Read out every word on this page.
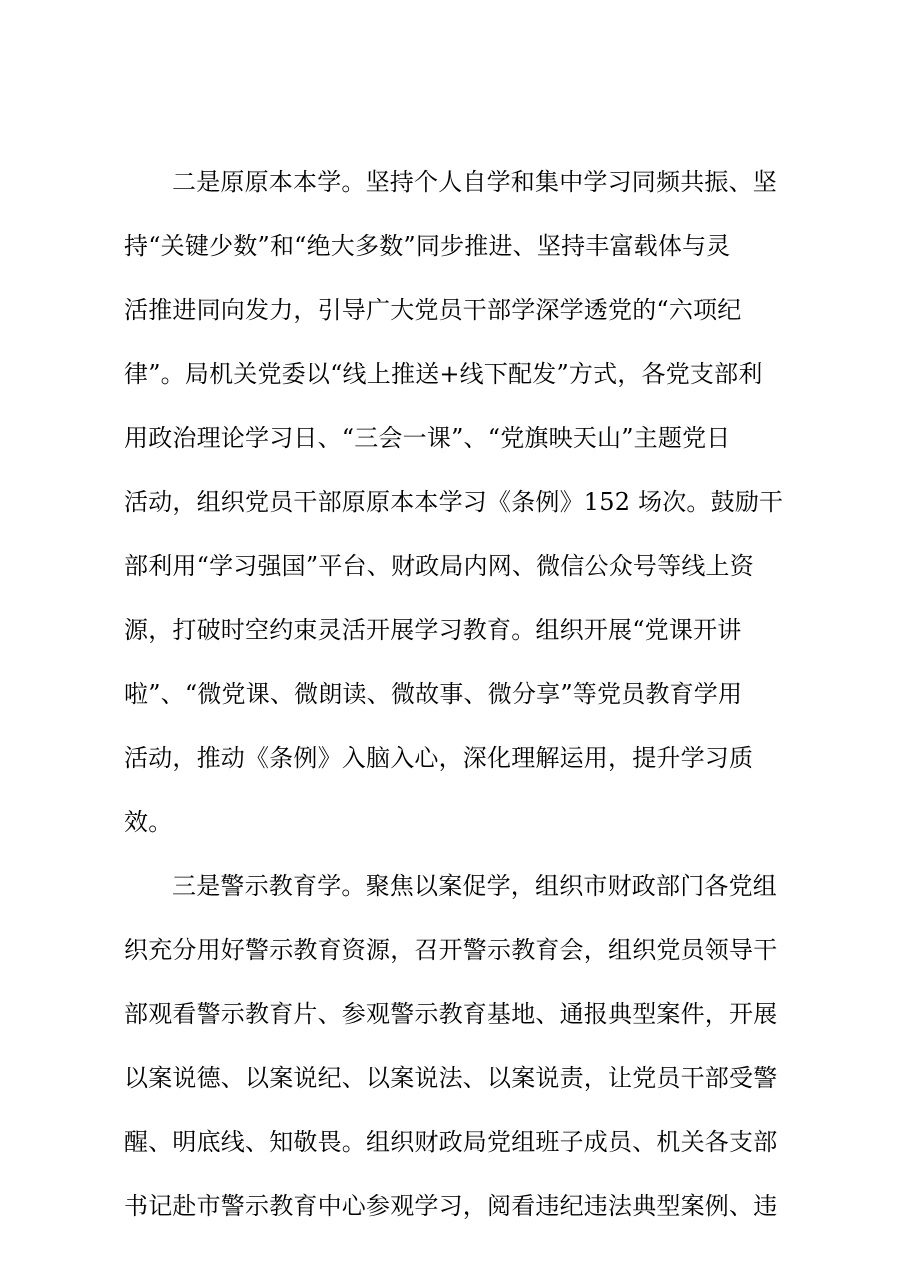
二是原原本本学。坚持个人自学和集中学习同频共振、坚
持“关键少数”和“绝大多数”同步推进、坚持丰富载体与灵
活推进同向发力，引导广大党员干部学深学透党的“六项纪
律”。局机关党委以“线上推送+线下配发”方式，各党支部利
用政治理论学习日、“三会一课”、“党旗映天山”主题党日
活动，组织党员干部原原本本学习《条例》152 场次。鼓励干
部利用“学习强国”平台、财政局内网、微信公众号等线上资
源，打破时空约束灵活开展学习教育。组织开展“党课开讲
啦”、“微党课、微朗读、微故事、微分享”等党员教育学用
活动，推动《条例》入脑入心，深化理解运用，提升学习质
效。
三是警示教育学。聚焦以案促学，组织市财政部门各党组
织充分用好警示教育资源，召开警示教育会，组织党员领导干
部观看警示教育片、参观警示教育基地、通报典型案件，开展
以案说德、以案说纪、以案说法、以案说责，让党员干部受警
醒、明底线、知敬畏。组织财政局党组班子成员、机关各支部
书记赴市警示教育中心参观学习，阅看违纪违法典型案例、违
